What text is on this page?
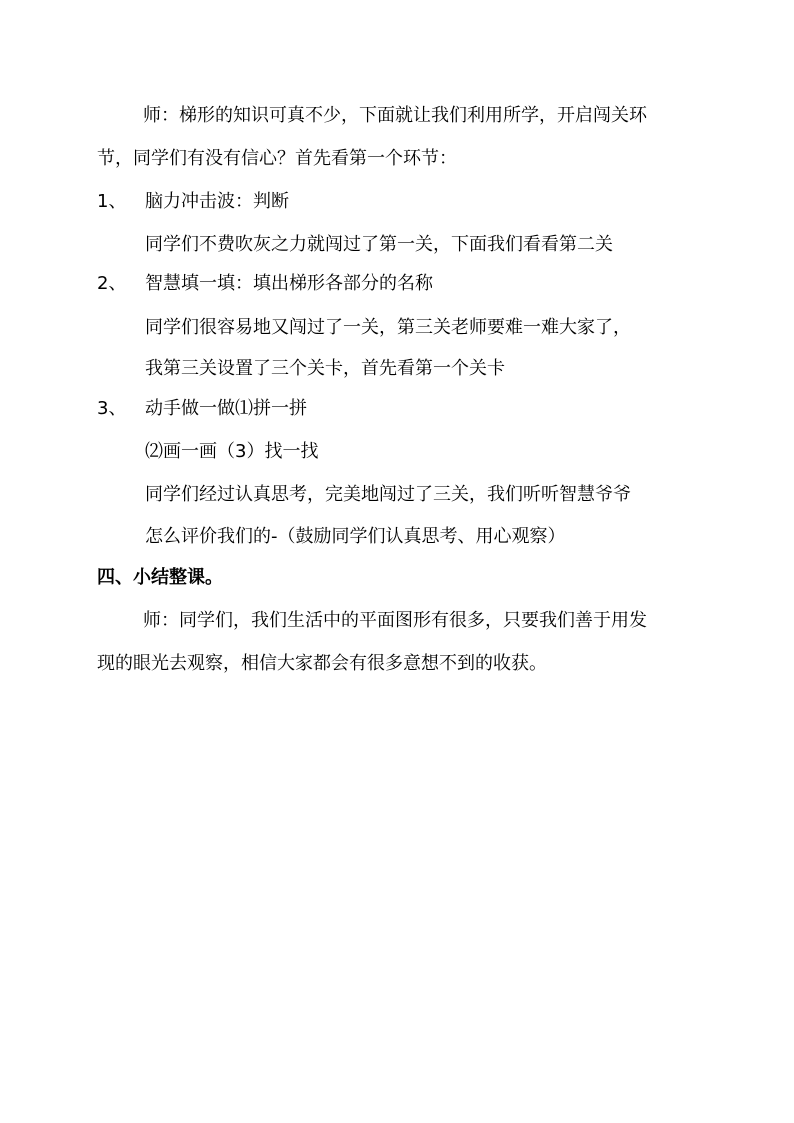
师：梯形的知识可真不少，下面就让我们利用所学，开启闯关环
节，同学们有没有信心？首先看第一个环节：
1、 脑力冲击波：判断
同学们不费吹灰之力就闯过了第一关，下面我们看看第二关
2、 智慧填一填：填出梯形各部分的名称
同学们很容易地又闯过了一关，第三关老师要难一难大家了，
我第三关设置了三个关卡，首先看第一个关卡
3、 动手做一做⑴拼一拼
⑵画一画（3）找一找
同学们经过认真思考，完美地闯过了三关，我们听听智慧爷爷
怎么评价我们的-（鼓励同学们认真思考、用心观察）
四、小结整课。
师：同学们，我们生活中的平面图形有很多，只要我们善于用发
现的眼光去观察，相信大家都会有很多意想不到的收获。
